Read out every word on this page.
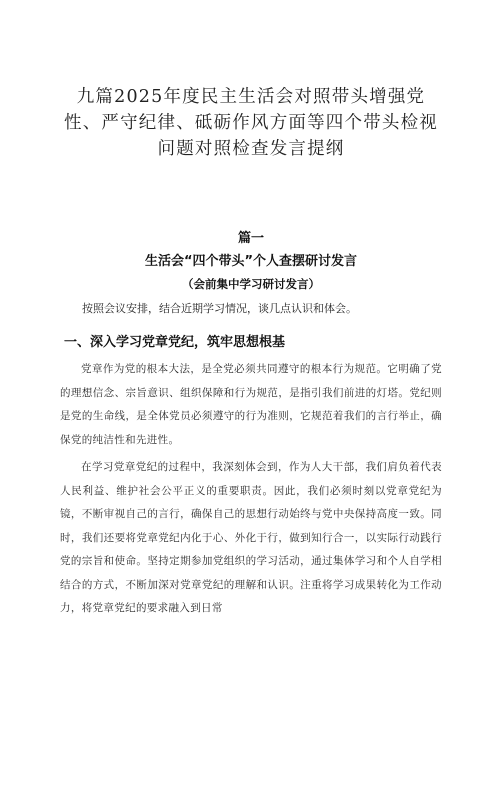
九篇2025年度民主生活会对照带头增强党
性、严守纪律、砥砺作风方面等四个带头检视
问题对照检查发言提纲
篇一
生活会“四个带头”个人查摆研讨发言
（会前集中学习研讨发言）

按照会议安排，结合近期学习情况，谈几点认识和体会。

一、深入学习党章党纪，筑牢思想根基

党章作为党的根本大法，是全党必须共同遵守的根本行为规范。它明确了党的理想信念、宗旨意识、组织保障和行为规范，是指引我们前进的灯塔。党纪则是党的生命线，是全体党员必须遵守的行为准则，它规范着我们的言行举止，确保党的纯洁性和先进性。

在学习党章党纪的过程中，我深刻体会到，作为人大干部，我们肩负着代表人民利益、维护社会公平正义的重要职责。因此，我们必须时刻以党章党纪为镜，不断审视自己的言行，确保自己的思想行动始终与党中央保持高度一致。同时，我们还要将党章党纪内化于心、外化于行，做到知行合一，以实际行动践行党的宗旨和使命。坚持定期参加党组织的学习活动，通过集体学习和个人自学相结合的方式，不断加深对党章党纪的理解和认识。注重将学习成果转化为工作动力，将党章党纪的要求融入到日常
